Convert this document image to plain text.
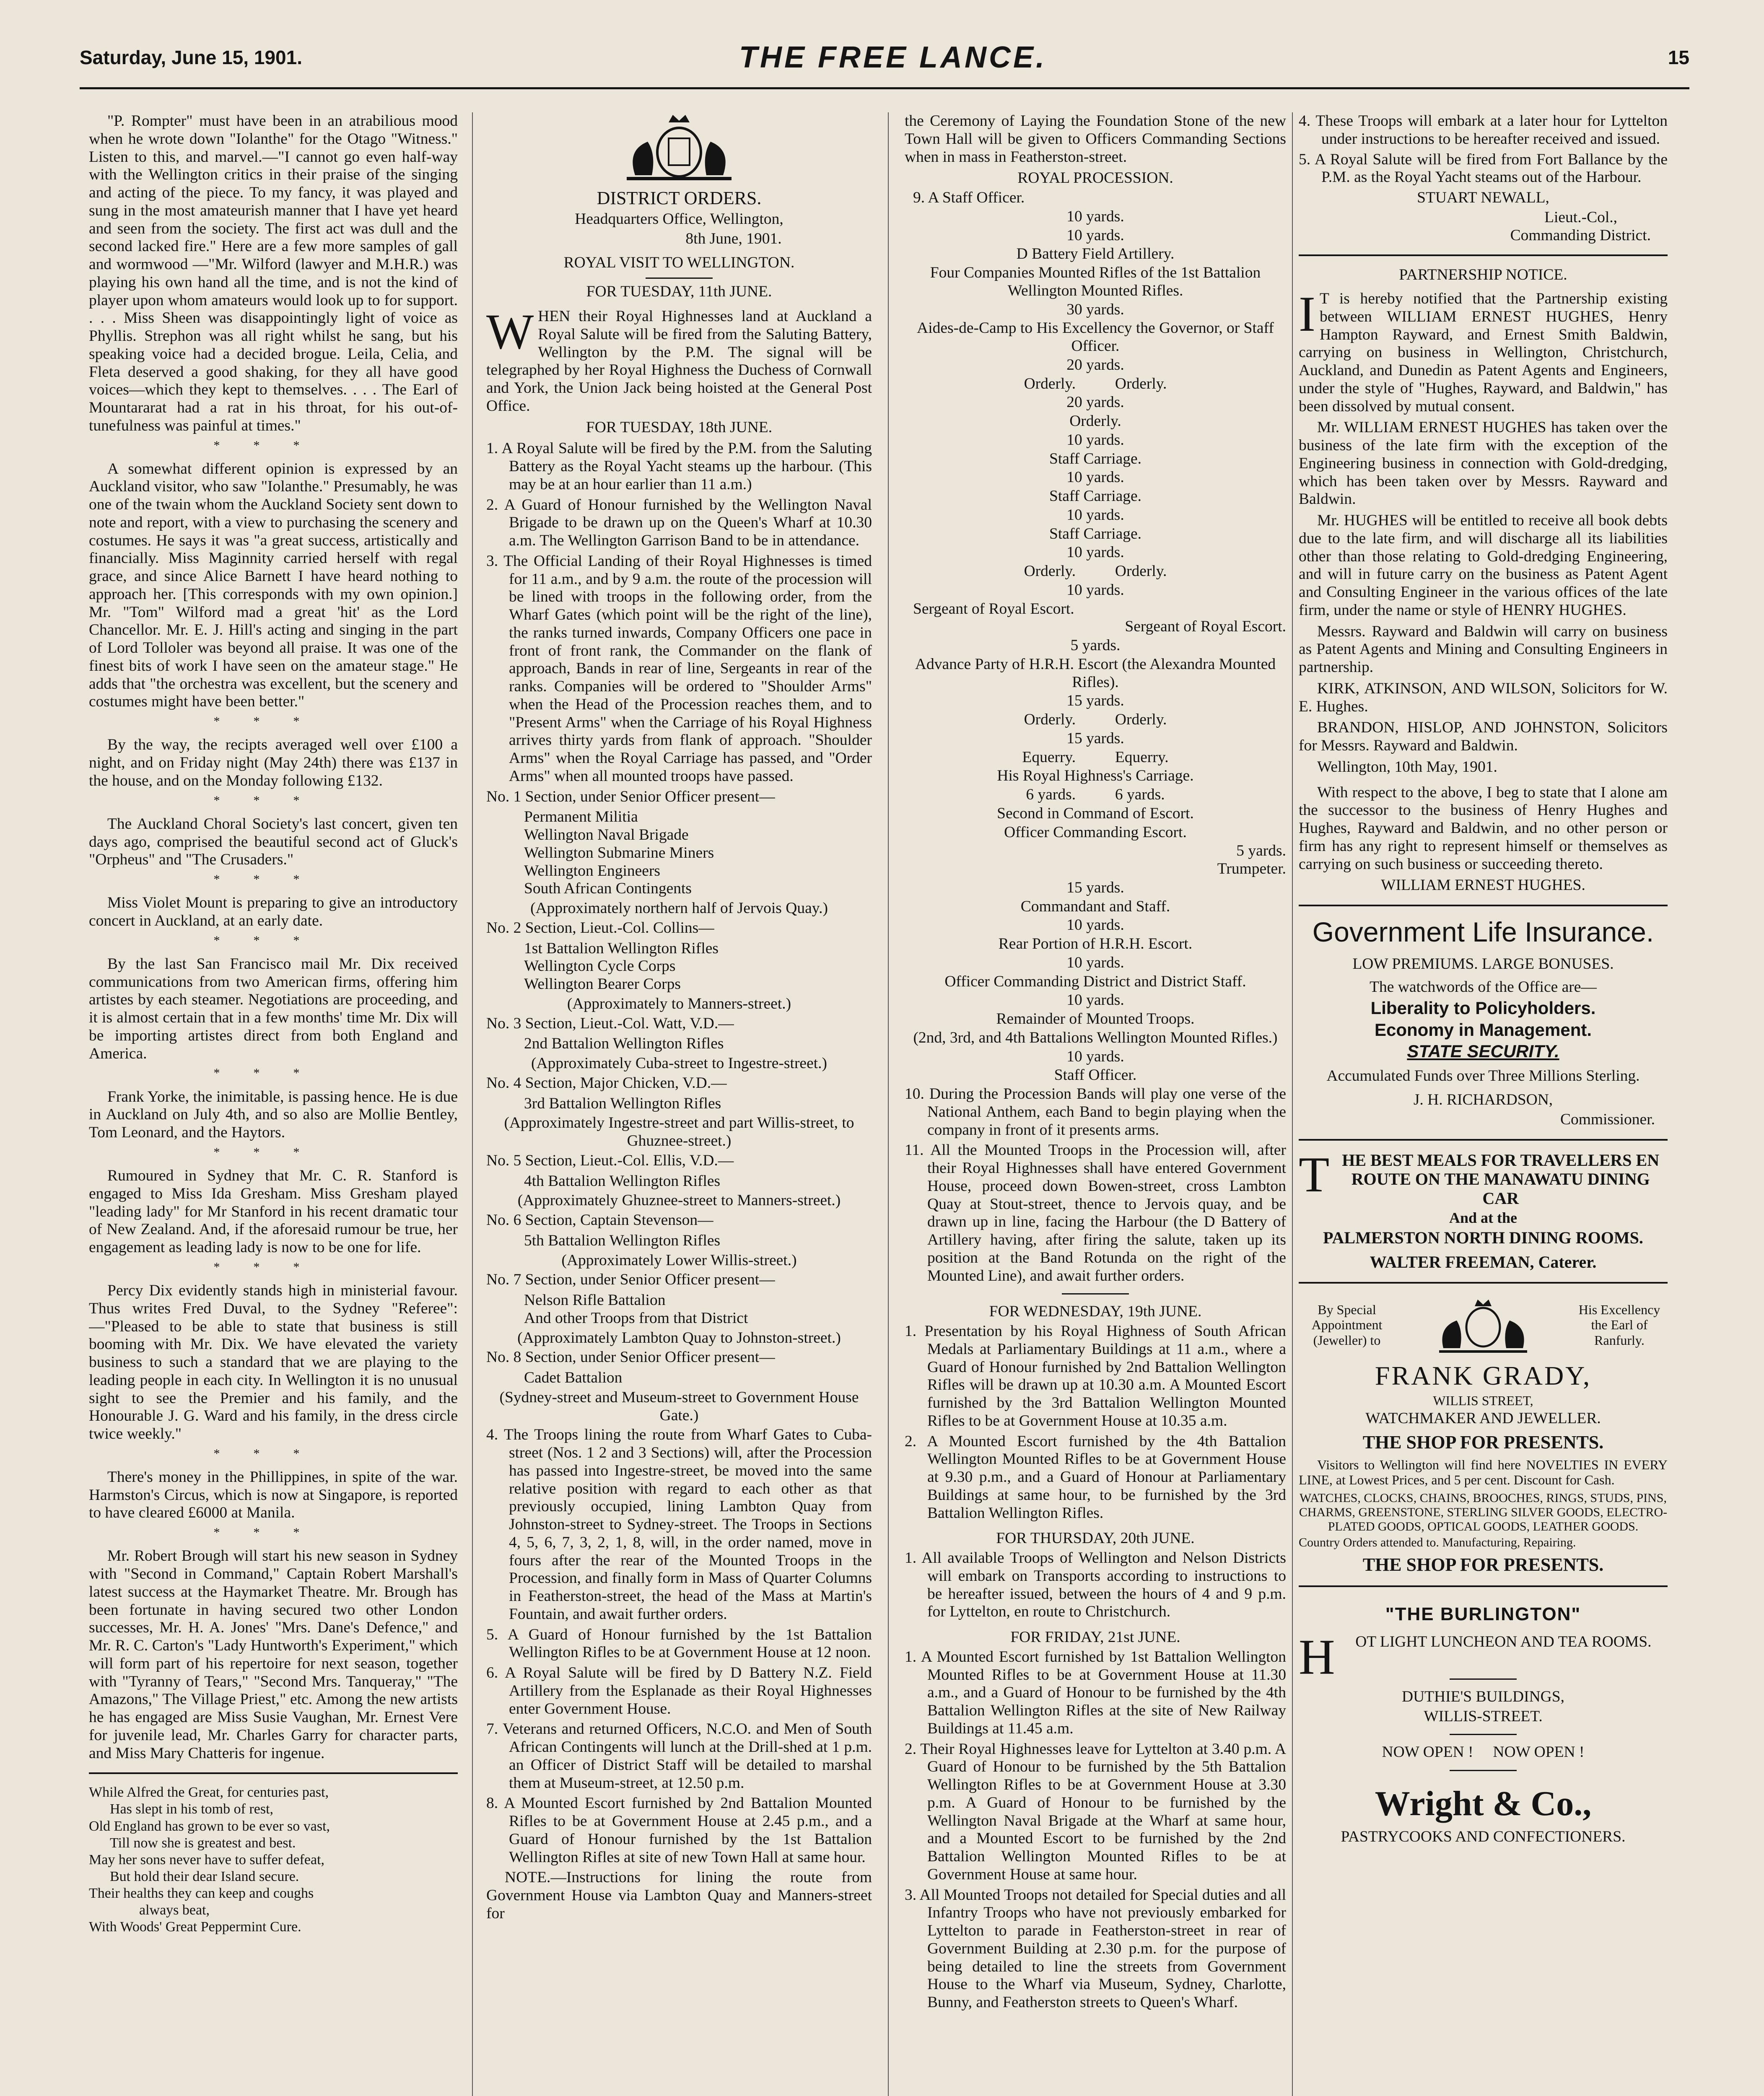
Saturday, June 15, 1901.	THE FREE LANCE.	15

"P. Rompter" must have been in an atrabilious mood when he wrote down "Iolanthe" for the Otago "Witness." Listen to this, and marvel.—"I cannot go even half-way with the Wellington critics in their praise of the singing and acting of the piece. To my fancy, it was played and sung in the most amateurish manner that I have yet heard and seen from the society. The first act was dull and the second lacked fire." Here are a few more samples of gall and wormwood —"Mr. Wilford (lawyer and M.H.R.) was playing his own hand all the time, and is not the kind of player upon whom amateurs would look up to for support. . . . Miss Sheen was disappointingly light of voice as Phyllis. Strephon was all right whilst he sang, but his speaking voice had a decided brogue. Leila, Celia, and Fleta deserved a good shaking, for they all have good voices—which they kept to themselves. . . . The Earl of Mountararat had a rat in his throat, for his out-of-tunefulness was painful at times."

***

A somewhat different opinion is expressed by an Auckland visitor, who saw "Iolanthe." Presumably, he was one of the twain whom the Auckland Society sent down to note and report, with a view to purchasing the scenery and costumes. He says it was "a great success, artistically and financially. Miss Maginnity carried herself with regal grace, and since Alice Barnett I have heard nothing to approach her. [This corresponds with my own opinion.] Mr. "Tom" Wilford mad a great 'hit' as the Lord Chancellor. Mr. E. J. Hill's acting and singing in the part of Lord Tolloler was beyond all praise. It was one of the finest bits of work I have seen on the amateur stage." He adds that "the orchestra was excellent, but the scenery and costumes might have been better."

***

By the way, the recipts averaged well over £100 a night, and on Friday night (May 24th) there was £137 in the house, and on the Monday following £132.

***

The Auckland Choral Society's last concert, given ten days ago, comprised the beautiful second act of Gluck's "Orpheus" and "The Crusaders."

***

Miss Violet Mount is preparing to give an introductory concert in Auckland, at an early date.

***

By the last San Francisco mail Mr. Dix received communications from two American firms, offering him artistes by each steamer. Negotiations are proceeding, and it is almost certain that in a few months' time Mr. Dix will be importing artistes direct from both England and America.

***

Frank Yorke, the inimitable, is passing hence. He is due in Auckland on July 4th, and so also are Mollie Bentley, Tom Leonard, and the Haytors.

***

Rumoured in Sydney that Mr. C. R. Stanford is engaged to Miss Ida Gresham. Miss Gresham played "leading lady" for Mr Stanford in his recent dramatic tour of New Zealand. And, if the aforesaid rumour be true, her engagement as leading lady is now to be one for life.

***

Percy Dix evidently stands high in ministerial favour. Thus writes Fred Duval, to the Sydney "Referee":—"Pleased to be able to state that business is still booming with Mr. Dix. We have elevated the variety business to such a standard that we are playing to the leading people in each city. In Wellington it is no unusual sight to see the Premier and his family, and the Honourable J. G. Ward and his family, in the dress circle twice weekly."

***

There's money in the Phillippines, in spite of the war. Harmston's Circus, which is now at Singapore, is reported to have cleared £6000 at Manila.

***

Mr. Robert Brough will start his new season in Sydney with "Second in Command," Captain Robert Marshall's latest success at the Haymarket Theatre. Mr. Brough has been fortunate in having secured two other London successes, Mr. H. A. Jones' "Mrs. Dane's Defence," and Mr. R. C. Carton's "Lady Huntworth's Experiment," which will form part of his repertoire for next season, together with "Tyranny of Tears," "Second Mrs. Tanqueray," "The Amazons," The Village Priest," etc. Among the new artists he has engaged are Miss Susie Vaughan, Mr. Ernest Vere for juvenile lead, Mr. Charles Garry for character parts, and Miss Mary Chatteris for ingenue.

While Alfred the Great, for centuries past,
Has slept in his tomb of rest,
Old England has grown to be ever so vast,
Till now she is greatest and best.
May her sons never have to suffer defeat,
But hold their dear Island secure.
Their healths they can keep and coughs
always beat,
With Woods' Great Peppermint Cure.
DISTRICT ORDERS.
Headquarters Office, Wellington,
8th June, 1901.
ROYAL VISIT TO WELLINGTON.
FOR TUESDAY, 11th JUNE.
WHEN their Royal Highnesses land at Auckland a Royal Salute will be fired from the Saluting Battery, Wellington by the P.M. The signal will be telegraphed by her Royal Highness the Duchess of Cornwall and York, the Union Jack being hoisted at the General Post Office.
FOR TUESDAY, 18th JUNE.
1. A Royal Salute will be fired by the P.M. from the Saluting Battery as the Royal Yacht steams up the harbour. (This may be at an hour earlier than 11 a.m.)
2. A Guard of Honour furnished by the Wellington Naval Brigade to be drawn up on the Queen's Wharf at 10.30 a.m. The Wellington Garrison Band to be in attendance.
3. The Official Landing of their Royal Highnesses is timed for 11 a.m., and by 9 a.m. the route of the procession will be lined with troops in the following order, from the Wharf Gates (which point will be the right of the line), the ranks turned inwards, Company Officers one pace in front of front rank, the Commander on the flank of approach, Bands in rear of line, Sergeants in rear of the ranks. Companies will be ordered to "Shoulder Arms" when the Head of the Procession reaches them, and to "Present Arms" when the Carriage of his Royal Highness arrives thirty yards from flank of approach. "Shoulder Arms" when the Royal Carriage has passed, and "Order Arms" when all mounted troops have passed.
No. 1 Section, under Senior Officer present—
Permanent Militia
Wellington Naval Brigade
Wellington Submarine Miners
Wellington Engineers
South African Contingents
(Approximately northern half of Jervois Quay.)
No. 2 Section, Lieut.-Col. Collins—
1st Battalion Wellington Rifles
Wellington Cycle Corps
Wellington Bearer Corps
(Approximately to Manners-street.)
No. 3 Section, Lieut.-Col. Watt, V.D.—
2nd Battalion Wellington Rifles
(Approximately Cuba-street to Ingestre-street.)
No. 4 Section, Major Chicken, V.D.—
3rd Battalion Wellington Rifles
(Approximately Ingestre-street and part Willis-street, to Ghuznee-street.)
No. 5 Section, Lieut.-Col. Ellis, V.D.—
4th Battalion Wellington Rifles
(Approximately Ghuznee-street to Manners-street.)
No. 6 Section, Captain Stevenson—
5th Battalion Wellington Rifles
(Approximately Lower Willis-street.)
No. 7 Section, under Senior Officer present—
Nelson Rifle Battalion
And other Troops from that District
(Approximately Lambton Quay to Johnston-street.)
No. 8 Section, under Senior Officer present—
Cadet Battalion
(Sydney-street and Museum-street to Government House Gate.)
4. The Troops lining the route from Wharf Gates to Cuba-street (Nos. 1 2 and 3 Sections) will, after the Procession has passed into Ingestre-street, be moved into the same relative position with regard to each other as that previously occupied, lining Lambton Quay from Johnston-street to Sydney-street. The Troops in Sections 4, 5, 6, 7, 3, 2, 1, 8, will, in the order named, move in fours after the rear of the Mounted Troops in the Procession, and finally form in Mass of Quarter Columns in Featherston-street, the head of the Mass at Martin's Fountain, and await further orders.
5. A Guard of Honour furnished by the 1st Battalion Wellington Rifles to be at Government House at 12 noon.
6. A Royal Salute will be fired by D Battery N.Z. Field Artillery from the Esplanade as their Royal Highnesses enter Government House.
7. Veterans and returned Officers, N.C.O. and Men of South African Contingents will lunch at the Drill-shed at 1 p.m. an Officer of District Staff will be detailed to marshal them at Museum-street, at 12.50 p.m.
8. A Mounted Escort furnished by 2nd Battalion Mounted Rifles to be at Government House at 2.45 p.m., and a Guard of Honour furnished by the 1st Battalion Wellington Rifles at site of new Town Hall at same hour.

NOTE.—Instructions for lining the route from Government House via Lambton Quay and Manners-street for

the Ceremony of Laying the Foundation Stone of the new Town Hall will be given to Officers Commanding Sections when in mass in Featherston-street.

ROYAL PROCESSION.
9. A Staff Officer.
10 yards.
10 yards.
D Battery Field Artillery.
Four Companies Mounted Rifles of the 1st Battalion Wellington Mounted Rifles.
30 yards.
Aides-de-Camp to His Excellency the Governor, or Staff Officer.
20 yards.
Orderly.          Orderly.
20 yards.
Orderly.
10 yards.
Staff Carriage.
10 yards.
Staff Carriage.
10 yards.
Staff Carriage.
10 yards.
Orderly.          Orderly.
10 yards.
Sergeant of Royal Escort.
Sergeant of Royal Escort.
5 yards.
Advance Party of H.R.H. Escort (the Alexandra Mounted Rifles).
15 yards.
Orderly.          Orderly.
15 yards.
Equerry.          Equerry.
His Royal Highness's Carriage.
6 yards.          6 yards.
Second in Command of Escort.
Officer Commanding Escort.
5 yards.
Trumpeter.
15 yards.
Commandant and Staff.
10 yards.
Rear Portion of H.R.H. Escort.
10 yards.
Officer Commanding District and District Staff.
10 yards.
Remainder of Mounted Troops.
(2nd, 3rd, and 4th Battalions Wellington Mounted Rifles.)
10 yards.
Staff Officer.
10. During the Procession Bands will play one verse of the National Anthem, each Band to begin playing when the company in front of it presents arms.
11. All the Mounted Troops in the Procession will, after their Royal Highnesses shall have entered Government House, proceed down Bowen-street, cross Lambton Quay at Stout-street, thence to Jervois quay, and be drawn up in line, facing the Harbour (the D Battery of Artillery having, after firing the salute, taken up its position at the Band Rotunda on the right of the Mounted Line), and await further orders.
FOR WEDNESDAY, 19th JUNE.
1. Presentation by his Royal Highness of South African Medals at Parliamentary Buildings at 11 a.m., where a Guard of Honour furnished by 2nd Battalion Wellington Rifles will be drawn up at 10.30 a.m. A Mounted Escort furnished by the 3rd Battalion Wellington Mounted Rifles to be at Government House at 10.35 a.m.
2. A Mounted Escort furnished by the 4th Battalion Wellington Mounted Rifles to be at Government House at 9.30 p.m., and a Guard of Honour at Parliamentary Buildings at same hour, to be furnished by the 3rd Battalion Wellington Rifles.
FOR THURSDAY, 20th JUNE.
1. All available Troops of Wellington and Nelson Districts will embark on Transports according to instructions to be hereafter issued, between the hours of 4 and 9 p.m. for Lyttelton, en route to Christchurch.
FOR FRIDAY, 21st JUNE.
1. A Mounted Escort furnished by 1st Battalion Wellington Mounted Rifles to be at Government House at 11.30 a.m., and a Guard of Honour to be furnished by the 4th Battalion Wellington Rifles at the site of New Railway Buildings at 11.45 a.m.
2. Their Royal Highnesses leave for Lyttelton at 3.40 p.m. A Guard of Honour to be furnished by the 5th Battalion Wellington Rifles to be at Government House at 3.30 p.m. A Guard of Honour to be furnished by the Wellington Naval Brigade at the Wharf at same hour, and a Mounted Escort to be furnished by the 2nd Battalion Wellington Mounted Rifles to be at Government House at same hour.
3. All Mounted Troops not detailed for Special duties and all Infantry Troops who have not previously embarked for Lyttelton to parade in Featherston-street in rear of Government Building at 2.30 p.m. for the purpose of being detailed to line the streets from Government House to the Wharf via Museum, Sydney, Charlotte, Bunny, and Featherston streets to Queen's Wharf.
4. These Troops will embark at a later hour for Lyttelton under instructions to be hereafter received and issued.
5. A Royal Salute will be fired from Fort Ballance by the P.M. as the Royal Yacht steams out of the Harbour.
STUART NEWALL,
Lieut.-Col.,
Commanding District.
PARTNERSHIP NOTICE.
I T is hereby notified that the Partnership existing between WILLIAM ERNEST HUGHES, Henry Hampton Rayward, and Ernest Smith Baldwin, carrying on business in Wellington, Christchurch, Auckland, and Dunedin as Patent Agents and Engineers, under the style of "Hughes, Rayward, and Baldwin," has been dissolved by mutual consent.

Mr. WILLIAM ERNEST HUGHES has taken over the business of the late firm with the exception of the Engineering business in connection with Gold-dredging, which has been taken over by Messrs. Rayward and Baldwin.

Mr. HUGHES will be entitled to receive all book debts due to the late firm, and will discharge all its liabilities other than those relating to Gold-dredging Engineering, and will in future carry on the business as Patent Agent and Consulting Engineer in the various offices of the late firm, under the name or style of HENRY HUGHES.

Messrs. Rayward and Baldwin will carry on business as Patent Agents and Mining and Consulting Engineers in partnership.

KIRK, ATKINSON, AND WILSON, Solicitors for W. E. Hughes.

BRANDON, HISLOP, AND JOHNSTON, Solicitors for Messrs. Rayward and Baldwin.

Wellington, 10th May, 1901.

With respect to the above, I beg to state that I alone am the successor to the business of Henry Hughes and Hughes, Rayward and Baldwin, and no other person or firm has any right to represent himself or themselves as carrying on such business or succeeding thereto.

WILLIAM ERNEST HUGHES.
Government Life Insurance.
LOW PREMIUMS. LARGE BONUSES.
The watchwords of the Office are—
Liberality to Policyholders.
Economy in Management.
STATE SECURITY.
Accumulated Funds over Three Millions Sterling.
J. H. RICHARDSON,
Commissioner.
THE BEST MEALS FOR TRAVELLERS EN ROUTE ON THE MANAWATU DINING CAR
And at the
PALMERSTON NORTH DINING ROOMS.
WALTER FREEMAN, Caterer.
By Special Appointment (Jeweller) to
His Excellency the Earl of Ranfurly.
FRANK GRADY,
WILLIS STREET,
WATCHMAKER AND JEWELLER.
THE SHOP FOR PRESENTS.

Visitors to Wellington will find here NOVELTIES IN EVERY LINE, at Lowest Prices, and 5 per cent. Discount for Cash.

WATCHES, CLOCKS, CHAINS, BROOCHES, RINGS, STUDS, PINS, CHARMS, GREENSTONE, STERLING SILVER GOODS, ELECTRO-PLATED GOODS, OPTICAL GOODS, LEATHER GOODS.
Country Orders attended to. Manufacturing, Repairing.
THE SHOP FOR PRESENTS.
"THE BURLINGTON"
H OT LIGHT LUNCHEON AND TEA ROOMS.
DUTHIE'S BUILDINGS,
WILLIS-STREET.
NOW OPEN !     NOW OPEN !
Wright & Co.,
PASTRYCOOKS AND CONFECTIONERS.
